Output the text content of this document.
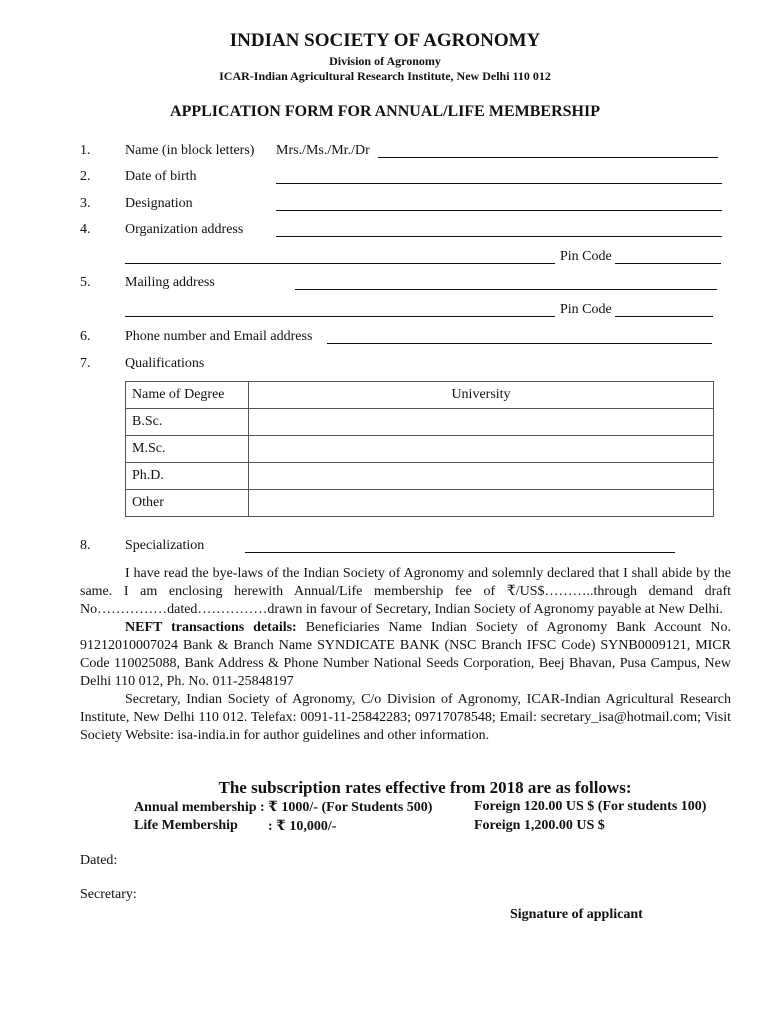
INDIAN SOCIETY OF AGRONOMY
Division of Agronomy
ICAR-Indian Agricultural Research Institute, New Delhi 110 012
APPLICATION FORM FOR ANNUAL/LIFE MEMBERSHIP
1. Name (in block letters) Mrs./Ms./Mr./Dr
2. Date of birth
3. Designation
4. Organization address
Pin Code
5. Mailing address
Pin Code
6. Phone number and Email address
7. Qualifications
Name of Degree	University
B.Sc.	
M.Sc.	
Ph.D.	
Other	
8. Specialization

I have read the bye-laws of the Indian Society of Agronomy and solemnly declared that I shall abide by the same. I am enclosing herewith Annual/Life membership fee of ₹/US$………..through demand draft No……………dated……………drawn in favour of Secretary, Indian Society of Agronomy payable at New Delhi.

NEFT transactions details: Beneficiaries Name Indian Society of Agronomy Bank Account No. 91212010007024 Bank & Branch Name SYNDICATE BANK (NSC Branch IFSC Code) SYNB0009121, MICR Code 110025088, Bank Address & Phone Number National Seeds Corporation, Beej Bhavan, Pusa Campus, New Delhi 110 012, Ph. No. 011-25848197

Secretary, Indian Society of Agronomy, C/o Division of Agronomy, ICAR-Indian Agricultural Research Institute, New Delhi 110 012. Telefax: 0091-11-25842283; 09717078548; Email: secretary_isa@hotmail.com; Visit Society Website: isa-india.in for author guidelines and other information.

The subscription rates effective from 2018 are as follows:
Annual membership : ₹ 1000/- (For Students 500)	Foreign 120.00 US $ (For students 100)
Life Membership : ₹ 10,000/-	Foreign 1,200.00 US $
Dated:
Secretary:
Signature of applicant
